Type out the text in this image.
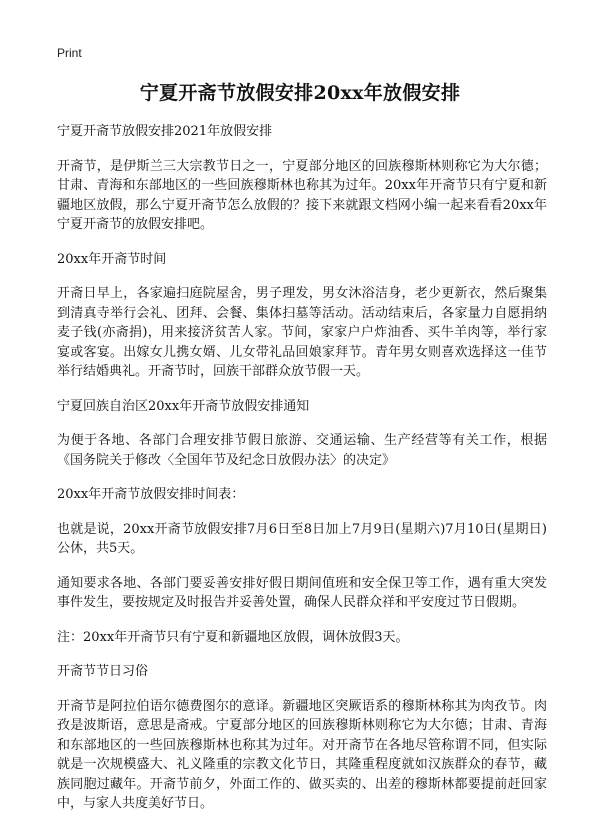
Print
宁夏开斋节放假安排20xx年放假安排

宁夏开斋节放假安排2021年放假安排

开斋节，是伊斯兰三大宗教节日之一，宁夏部分地区的回族穆斯林则称它为大尔德；甘肃、青海和东部地区的一些回族穆斯林也称其为过年。20xx年开斋节只有宁夏和新疆地区放假，那么宁夏开斋节怎么放假的？接下来就跟文档网小编一起来看看20xx年宁夏开斋节的放假安排吧。

20xx年开斋节时间

开斋日早上，各家遍扫庭院屋舍，男子理发，男女沐浴洁身，老少更新衣，然后聚集到清真寺举行会礼、团拜、会餐、集体扫墓等活动。活动结束后，各家量力自愿捐纳麦子钱(亦斋捐)，用来接济贫苦人家。节间，家家户户炸油香、买牛羊肉等，举行家宴或客宴。出嫁女儿携女婿、儿女带礼品回娘家拜节。青年男女则喜欢选择这一佳节举行结婚典礼。开斋节时，回族干部群众放节假一天。

宁夏回族自治区20xx年开斋节放假安排通知

为便于各地、各部门合理安排节假日旅游、交通运输、生产经营等有关工作，根据《国务院关于修改〈全国年节及纪念日放假办法〉的决定》

20xx年开斋节放假安排时间表：

也就是说，20xx开斋节放假安排7月6日至8日加上7月9日(星期六)7月10日(星期日)公休，共5天。

通知要求各地、各部门要妥善安排好假日期间值班和安全保卫等工作，遇有重大突发事件发生，要按规定及时报告并妥善处置，确保人民群众祥和平安度过节日假期。

注：20xx年开斋节只有宁夏和新疆地区放假，调休放假3天。

开斋节节日习俗

开斋节是阿拉伯语尔德费图尔的意译。新疆地区突厥语系的穆斯林称其为肉孜节。肉孜是波斯语，意思是斋戒。宁夏部分地区的回族穆斯林则称它为大尔德；甘肃、青海和东部地区的一些回族穆斯林也称其为过年。对开斋节在各地尽管称谓不同，但实际就是一次规模盛大、礼义隆重的宗教文化节日，其隆重程度就如汉族群众的春节，藏族同胞过藏年。开斋节前夕，外面工作的、做买卖的、出差的穆斯林都要提前赶回家中，与家人共度美好节日。
